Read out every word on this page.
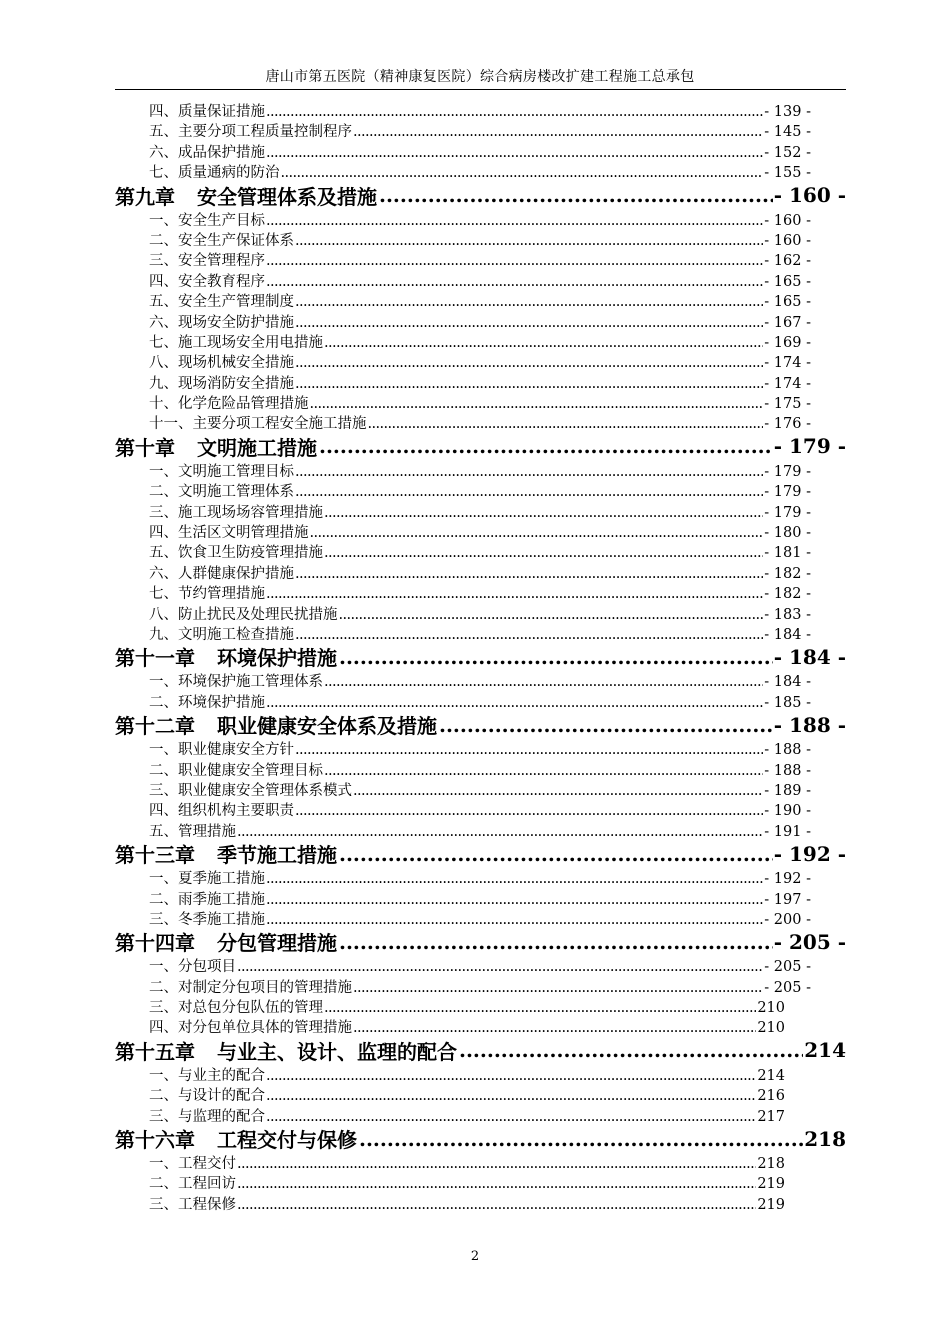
唐山市第五医院（精神康复医院）综合病房楼改扩建工程施工总承包
四、质量保证措施 .....	- 139 -
五、主要分项工程质量控制程序 .....	- 145 -
六、成品保护措施 .....	- 152 -
七、质量通病的防治 .....	- 155 -
第九章 安全管理体系及措施 .....	- 160 -
一、安全生产目标 .....	- 160 -
二、安全生产保证体系 .....	- 160 -
三、安全管理程序 .....	- 162 -
四、安全教育程序 .....	- 165 -
五、安全生产管理制度 .....	- 165 -
六、现场安全防护措施 .....	- 167 -
七、施工现场安全用电措施 .....	- 169 -
八、现场机械安全措施 .....	- 174 -
九、现场消防安全措施 .....	- 174 -
十、化学危险品管理措施 .....	- 175 -
十一、主要分项工程安全施工措施 .....	- 176 -
第十章 文明施工措施 .....	- 179 -
一、文明施工管理目标 .....	- 179 -
二、文明施工管理体系 .....	- 179 -
三、施工现场场容管理措施 .....	- 179 -
四、生活区文明管理措施 .....	- 180 -
五、饮食卫生防疫管理措施 .....	- 181 -
六、人群健康保护措施 .....	- 182 -
七、节约管理措施 .....	- 182 -
八、防止扰民及处理民扰措施 .....	- 183 -
九、文明施工检查措施 .....	- 184 -
第十一章 环境保护措施 .....	- 184 -
一、环境保护施工管理体系 .....	- 184 -
二、环境保护措施 .....	- 185 -
第十二章 职业健康安全体系及措施 .....	- 188 -
一、职业健康安全方针 .....	- 188 -
二、职业健康安全管理目标 .....	- 188 -
三、职业健康安全管理体系模式 .....	- 189 -
四、组织机构主要职责 .....	- 190 -
五、管理措施 .....	- 191 -
第十三章 季节施工措施 .....	- 192 -
一、夏季施工措施 .....	- 192 -
二、雨季施工措施 .....	- 197 -
三、冬季施工措施 .....	- 200 -
第十四章 分包管理措施 .....	- 205 -
一、分包项目 .....	- 205 -
二、对制定分包项目的管理措施 .....	- 205 -
三、对总包分包队伍的管理 .....	210
四、对分包单位具体的管理措施 .....	210
第十五章 与业主、设计、监理的配合 .....	214
一、与业主的配合 .....	214
二、与设计的配合 .....	216
三、与监理的配合 .....	217
第十六章 工程交付与保修 .....	218
一、工程交付 .....	218
二、工程回访 .....	219
三、工程保修 .....	219
2
